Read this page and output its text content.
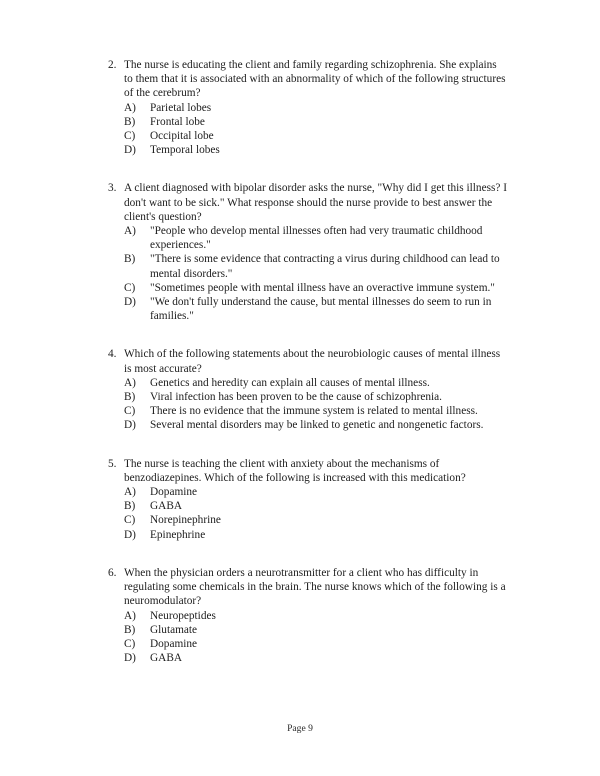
2. The nurse is educating the client and family regarding schizophrenia. She explains to them that it is associated with an abnormality of which of the following structures of the cerebrum?
A)	Parietal lobes
B)	Frontal lobe
C)	Occipital lobe
D)	Temporal lobes
3. A client diagnosed with bipolar disorder asks the nurse, "Why did I get this illness? I don't want to be sick." What response should the nurse provide to best answer the client's question?
A)	"People who develop mental illnesses often had very traumatic childhood experiences."
B)	"There is some evidence that contracting a virus during childhood can lead to mental disorders."
C)	"Sometimes people with mental illness have an overactive immune system."
D)	"We don't fully understand the cause, but mental illnesses do seem to run in families."
4. Which of the following statements about the neurobiologic causes of mental illness is most accurate?
A)	Genetics and heredity can explain all causes of mental illness.
B)	Viral infection has been proven to be the cause of schizophrenia.
C)	There is no evidence that the immune system is related to mental illness.
D)	Several mental disorders may be linked to genetic and nongenetic factors.
5. The nurse is teaching the client with anxiety about the mechanisms of benzodiazepines. Which of the following is increased with this medication?
A)	Dopamine
B)	GABA
C)	Norepinephrine
D)	Epinephrine
6. When the physician orders a neurotransmitter for a client who has difficulty in regulating some chemicals in the brain. The nurse knows which of the following is a neuromodulator?
A)	Neuropeptides
B)	Glutamate
C)	Dopamine
D)	GABA
Page 9
